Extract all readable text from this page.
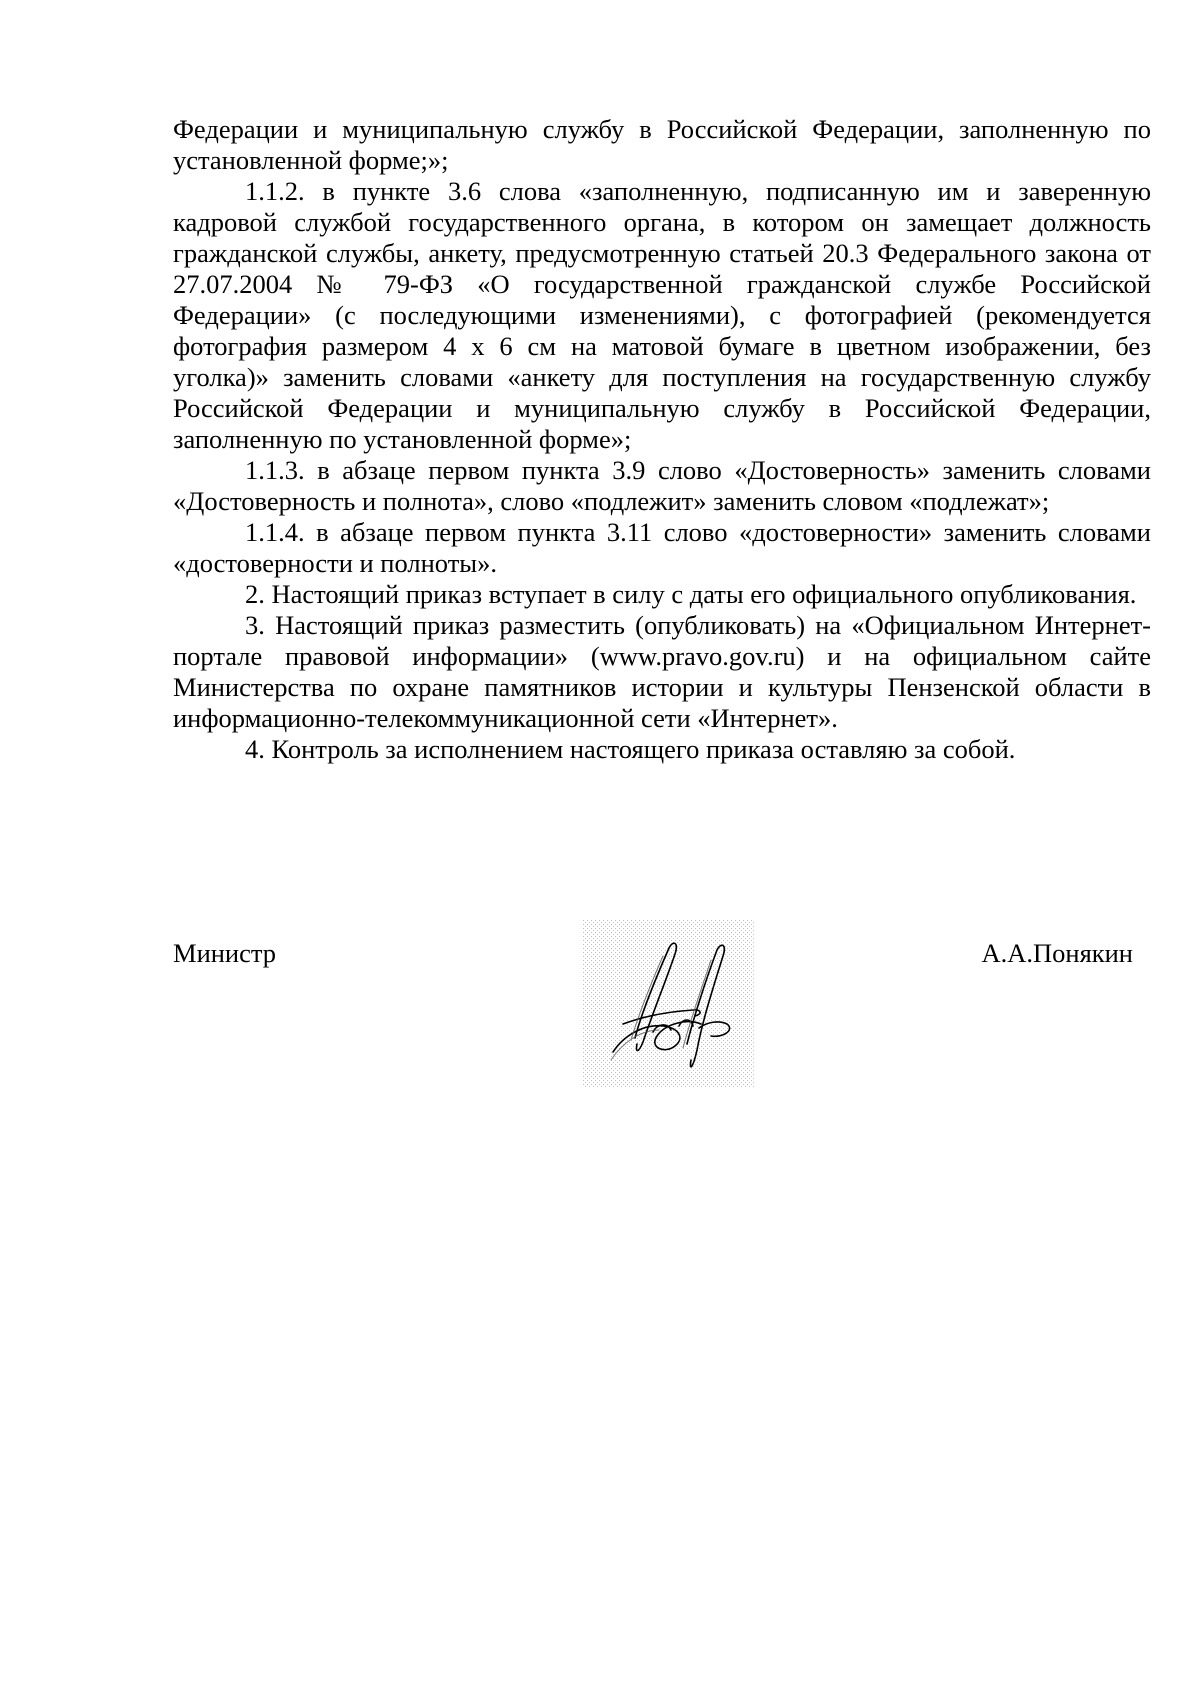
Федерации и муниципальную службу в Российской Федерации, заполненную по установленной форме;»;

1.1.2. в пункте 3.6 слова «заполненную, подписанную им и заверенную кадровой службой государственного органа, в котором он замещает должность гражданской службы, анкету, предусмотренную статьей 20.3 Федерального закона от 27.07.2004 № 79-ФЗ «О государственной гражданской службе Российской Федерации» (с последующими изменениями), с фотографией (рекомендуется фотография размером 4 х 6 см на матовой бумаге в цветном изображении, без уголка)» заменить словами «анкету для поступления на государственную службу Российской Федерации и муниципальную службу в Российской Федерации, заполненную по установленной форме»;

1.1.3. в абзаце первом пункта 3.9 слово «Достоверность» заменить словами «Достоверность и полнота», слово «подлежит» заменить словом «подлежат»;

1.1.4. в абзаце первом пункта 3.11 слово «достоверности» заменить словами «достоверности и полноты».

2. Настоящий приказ вступает в силу с даты его официального опубликования.

3. Настоящий приказ разместить (опубликовать) на «Официальном Интернет-портале правовой информации» (www.pravo.gov.ru) и на официальном сайте Министерства по охране памятников истории и культуры Пензенской области в информационно-телекоммуникационной сети «Интернет».

4. Контроль за исполнением настоящего приказа оставляю за собой.

Министр	А.А.Понякин
